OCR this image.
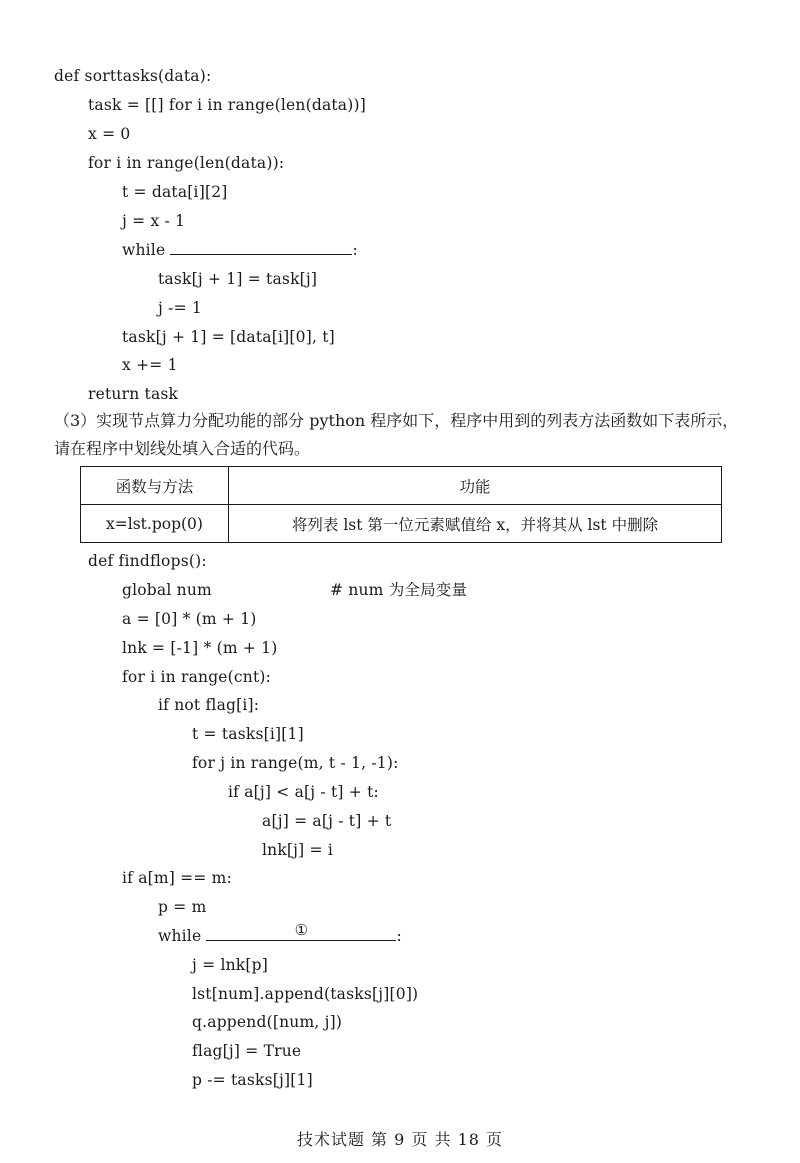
def sorttasks(data):
task = [[] for i in range(len(data))]
x = 0
for i in range(len(data)):
t = data[i][2]
j = x - 1
while	:
task[j + 1] = task[j]
j -= 1
task[j + 1] = [data[i][0], t]
x += 1
return task
（3）实现节点算力分配功能的部分 python 程序如下，程序中用到的列表方法函数如下表所示，请在程序中划线处填入合适的代码。
函数与方法	功能
x=lst.pop(0)	将列表 lst 第一位元素赋值给 x，并将其从 lst 中删除
def findflops():
global num	# num 为全局变量
a = [0] * (m + 1)
lnk = [-1] * (m + 1)
for i in range(cnt):
if not flag[i]:
t = tasks[i][1]
for j in range(m, t - 1, -1):
if a[j] < a[j - t] + t:
a[j] = a[j - t] + t
lnk[j] = i
if a[m] == m:
p = m
while	①	:
j = lnk[p]
lst[num].append(tasks[j][0])
q.append([num, j])
flag[j] = True
p -= tasks[j][1]
技术试题 第 9 页 共 18 页
